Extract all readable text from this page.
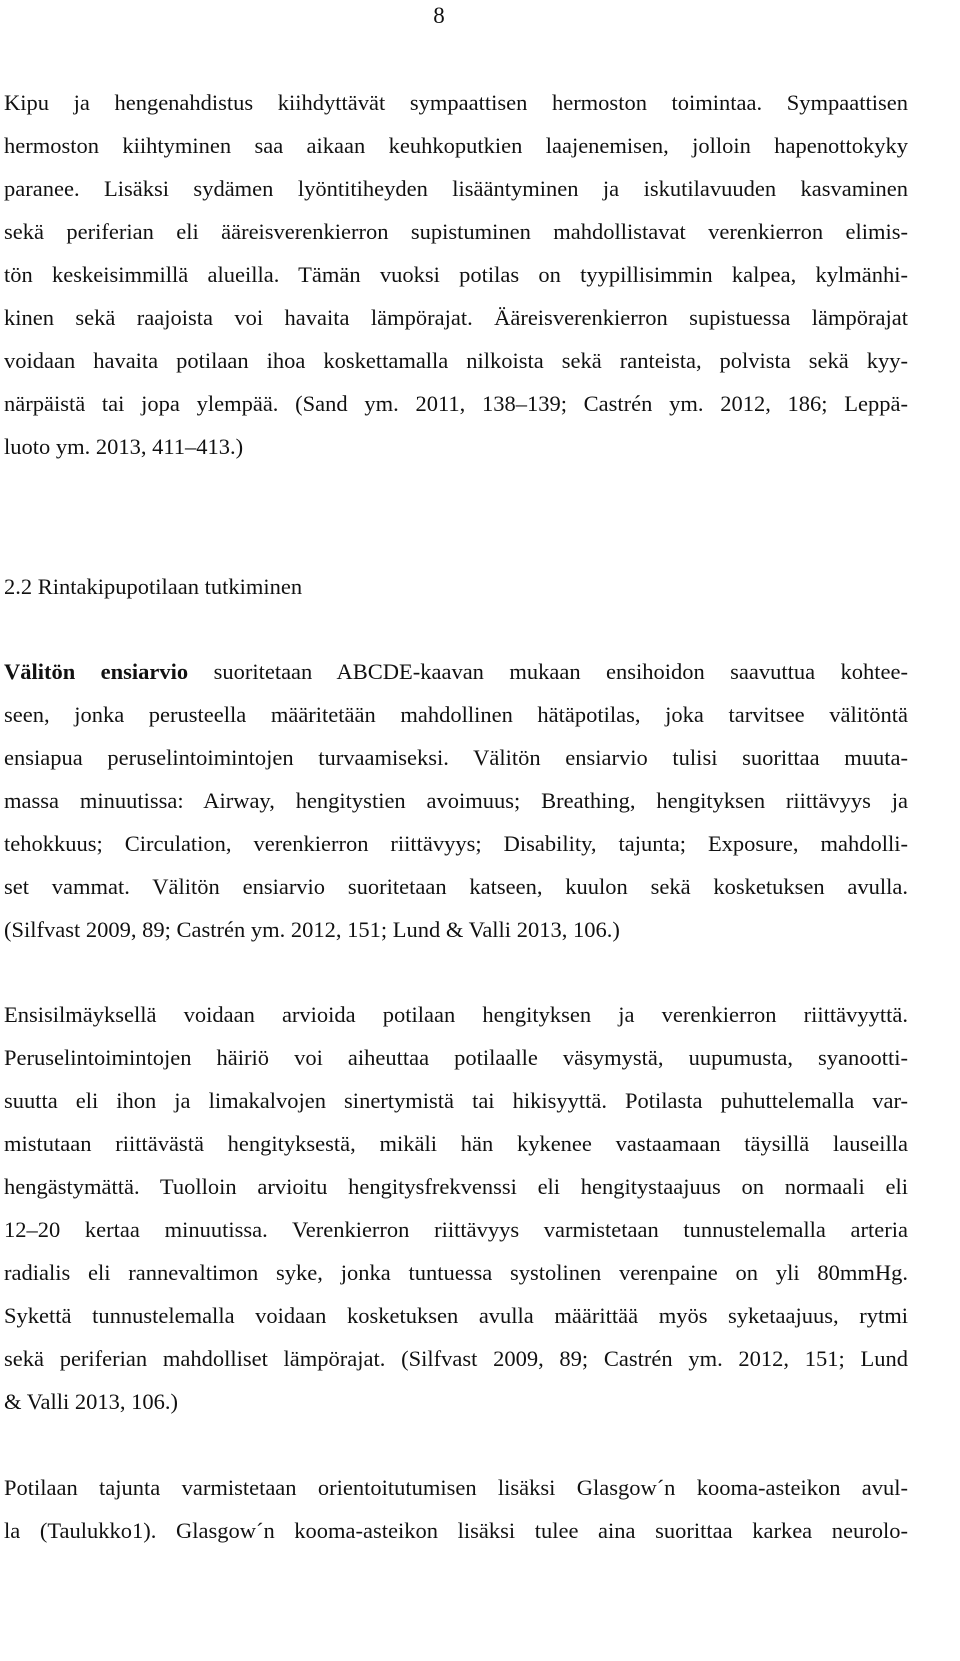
8
Kipu ja hengenahdistus kiihdyttävät sympaattisen hermoston toimintaa. Sympaattisen
hermoston kiihtyminen saa aikaan keuhkoputkien laajenemisen, jolloin hapenottokyky
paranee. Lisäksi sydämen lyöntitiheyden lisääntyminen ja iskutilavuuden kasvaminen
sekä periferian eli ääreisverenkierron supistuminen mahdollistavat verenkierron elimis-
tön keskeisimmillä alueilla. Tämän vuoksi potilas on tyypillisimmin kalpea, kylmänhi-
kinen sekä raajoista voi havaita lämpörajat. Ääreisverenkierron supistuessa lämpörajat
voidaan havaita potilaan ihoa koskettamalla nilkoista sekä ranteista, polvista sekä kyy-
närpäistä tai jopa ylempää. (Sand ym. 2011, 138–139; Castrén ym. 2012, 186; Leppä-
luoto ym. 2013, 411–413.)
2.2 Rintakipupotilaan tutkiminen
Välitön ensiarvio suoritetaan ABCDE-kaavan mukaan ensihoidon saavuttua kohtee-
seen, jonka perusteella määritetään mahdollinen hätäpotilas, joka tarvitsee välitöntä
ensiapua peruselintoimintojen turvaamiseksi. Välitön ensiarvio tulisi suorittaa muuta-
massa minuutissa: Airway, hengitystien avoimuus; Breathing, hengityksen riittävyys ja
tehokkuus; Circulation, verenkierron riittävyys; Disability, tajunta; Exposure, mahdolli-
set vammat. Välitön ensiarvio suoritetaan katseen, kuulon sekä kosketuksen avulla.
(Silfvast 2009, 89; Castrén ym. 2012, 151; Lund & Valli 2013, 106.)
Ensisilmäyksellä voidaan arvioida potilaan hengityksen ja verenkierron riittävyyttä.
Peruselintoimintojen häiriö voi aiheuttaa potilaalle väsymystä, uupumusta, syanootti-
suutta eli ihon ja limakalvojen sinertymistä tai hikisyyttä. Potilasta puhuttelemalla var-
mistutaan riittävästä hengityksestä, mikäli hän kykenee vastaamaan täysillä lauseilla
hengästymättä. Tuolloin arvioitu hengitysfrekvenssi eli hengitystaajuus on normaali eli
12–20 kertaa minuutissa. Verenkierron riittävyys varmistetaan tunnustelemalla arteria
radialis eli rannevaltimon syke, jonka tuntuessa systolinen verenpaine on yli 80mmHg.
Sykettä tunnustelemalla voidaan kosketuksen avulla määrittää myös syketaajuus, rytmi
sekä periferian mahdolliset lämpörajat. (Silfvast 2009, 89; Castrén ym. 2012, 151; Lund
& Valli 2013, 106.)
Potilaan tajunta varmistetaan orientoitutumisen lisäksi Glasgow´n kooma-asteikon avul-
la (Taulukko1). Glasgow´n kooma-asteikon lisäksi tulee aina suorittaa karkea neurolo-
